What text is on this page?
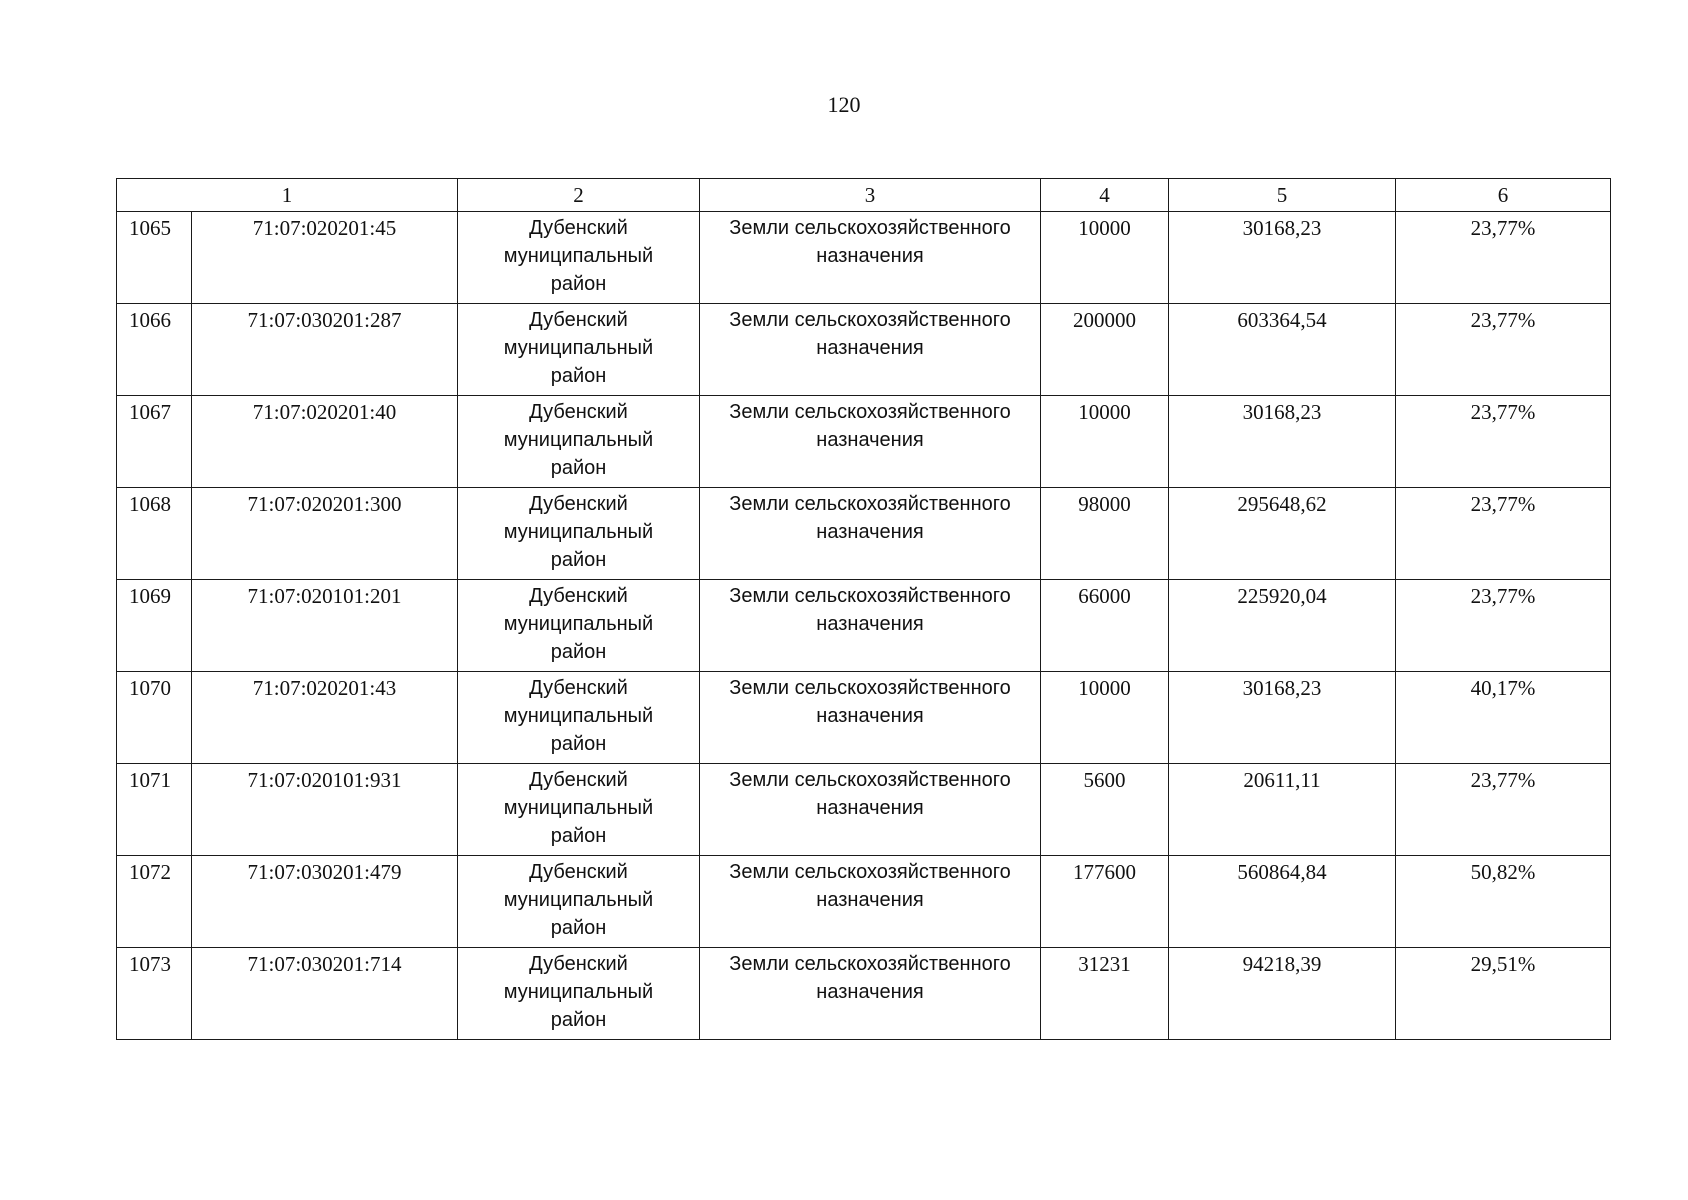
120
1		2	3	4	5	6
1065	71:07:020201:45	Дубенский
муниципальный
район	Земли сельскохозяйственного
назначения	10000	30168,23	23,77%
1066	71:07:030201:287	Дубенский
муниципальный
район	Земли сельскохозяйственного
назначения	200000	603364,54	23,77%
1067	71:07:020201:40	Дубенский
муниципальный
район	Земли сельскохозяйственного
назначения	10000	30168,23	23,77%
1068	71:07:020201:300	Дубенский
муниципальный
район	Земли сельскохозяйственного
назначения	98000	295648,62	23,77%
1069	71:07:020101:201	Дубенский
муниципальный
район	Земли сельскохозяйственного
назначения	66000	225920,04	23,77%
1070	71:07:020201:43	Дубенский
муниципальный
район	Земли сельскохозяйственного
назначения	10000	30168,23	40,17%
1071	71:07:020101:931	Дубенский
муниципальный
район	Земли сельскохозяйственного
назначения	5600	20611,11	23,77%
1072	71:07:030201:479	Дубенский
муниципальный
район	Земли сельскохозяйственного
назначения	177600	560864,84	50,82%
1073	71:07:030201:714	Дубенский
муниципальный
район	Земли сельскохозяйственного
назначения	31231	94218,39	29,51%
